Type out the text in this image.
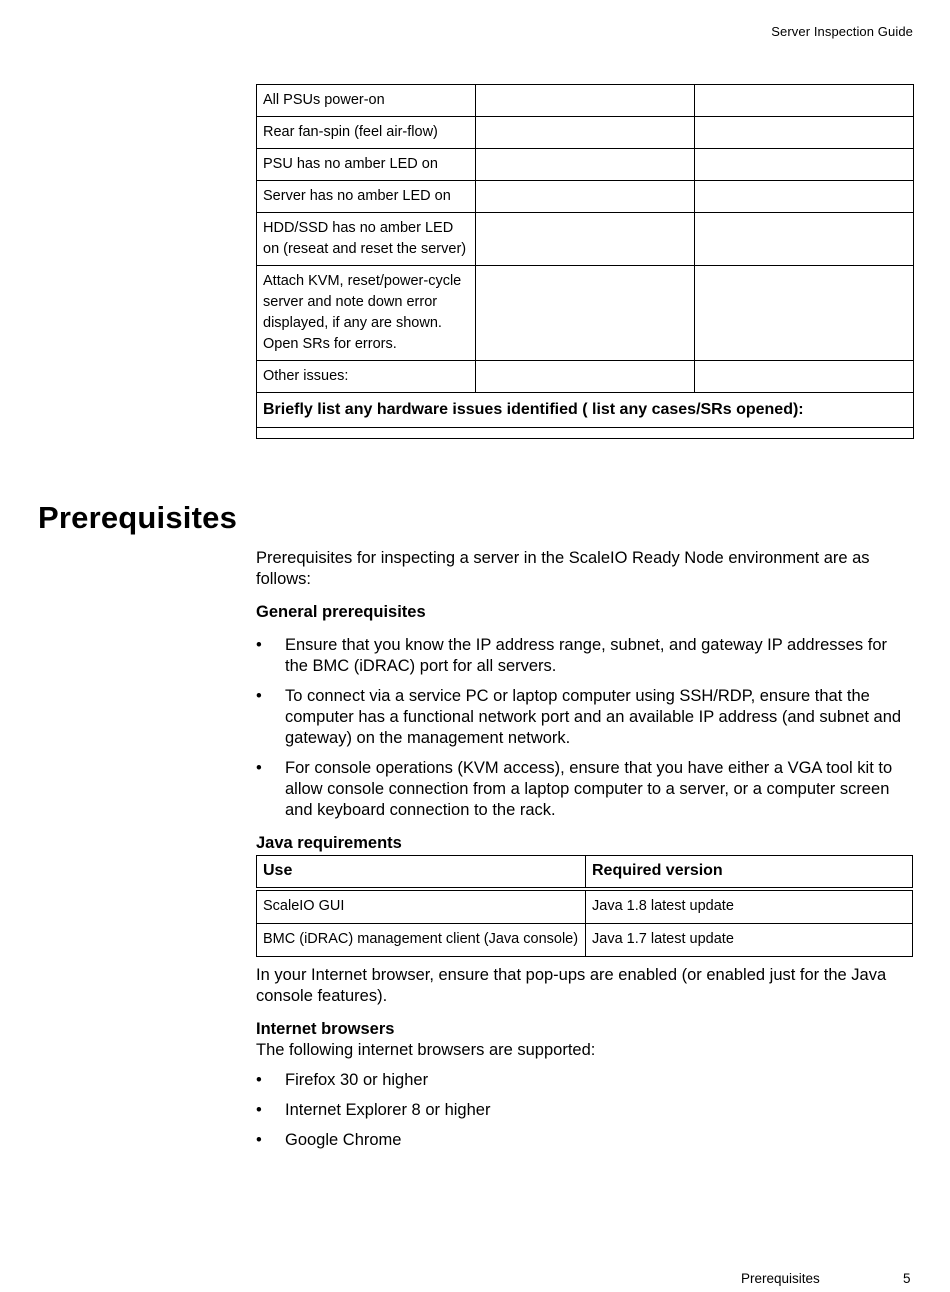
Server Inspection Guide
All PSUs power-on		
Rear fan-spin (feel air-flow)		
PSU has no amber LED on		
Server has no amber LED on		
HDD/SSD has no amber LED on (reseat and reset the server)		
Attach KVM, reset/power-cycle server and note down error displayed, if any are shown. Open SRs for errors.		
Other issues:		
Briefly list any hardware issues identified ( list any cases/SRs opened):		

Prerequisites

Prerequisites for inspecting a server in the ScaleIO Ready Node environment are as follows:

General prerequisites

• Ensure that you know the IP address range, subnet, and gateway IP addresses for the BMC (iDRAC) port for all servers.
• To connect via a service PC or laptop computer using SSH/RDP, ensure that the computer has a functional network port and an available IP address (and subnet and gateway) on the management network.
• For console operations (KVM access), ensure that you have either a VGA tool kit to allow console connection from a laptop computer to a server, or a computer screen and keyboard connection to the rack.

Java requirements

Use	Required version
ScaleIO GUI	Java 1.8 latest update
BMC (iDRAC) management client (Java console)	Java 1.7 latest update

In your Internet browser, ensure that pop-ups are enabled (or enabled just for the Java console features).

Internet browsers

The following internet browsers are supported:

• Firefox 30 or higher
• Internet Explorer 8 or higher
• Google Chrome
Prerequisites	5
